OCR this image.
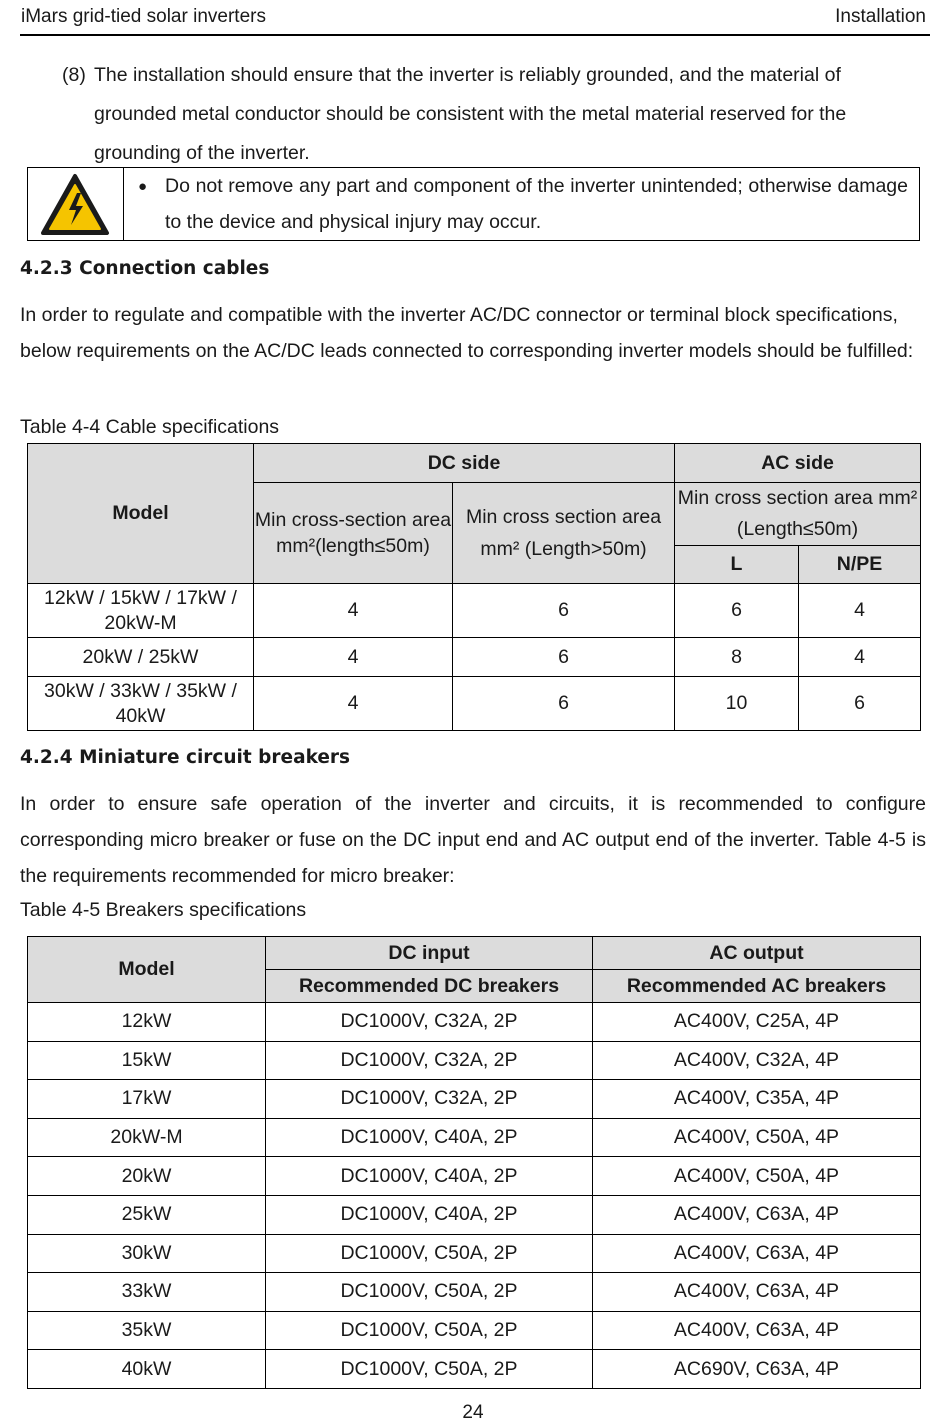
iMars grid-tied solar inverters	Installation
(8) The installation should ensure that the inverter is reliably grounded, and the material of grounded metal conductor should be consistent with the metal material reserved for the grounding of the inverter.
● Do not remove any part and component of the inverter unintended; otherwise damage to the device and physical injury may occur.
4.2.3 Connection cables
In order to regulate and compatible with the inverter AC/DC connector or terminal block specifications, below requirements on the AC/DC leads connected to corresponding inverter models should be fulfilled:
Table 4-4 Cable specifications
Model	DC side		AC side	
	Min cross-section area mm²(length≤50m)	Min cross section area mm² (Length>50m)	Min cross section area mm² (Length≤50m)	
			L	N/PE
12kW / 15kW / 17kW / 20kW-M	4	6	6	4
20kW / 25kW	4	6	8	4
30kW / 33kW / 35kW / 40kW	4	6	10	6
4.2.4 Miniature circuit breakers
In order to ensure safe operation of the inverter and circuits, it is recommended to configure corresponding micro breaker or fuse on the DC input end and AC output end of the inverter. Table 4-5 is the requirements recommended for micro breaker:
Table 4-5 Breakers specifications
Model	DC input	AC output
	Recommended DC breakers	Recommended AC breakers
12kW	DC1000V, C32A, 2P	AC400V, C25A, 4P
15kW	DC1000V, C32A, 2P	AC400V, C32A, 4P
17kW	DC1000V, C32A, 2P	AC400V, C35A, 4P
20kW-M	DC1000V, C40A, 2P	AC400V, C50A, 4P
20kW	DC1000V, C40A, 2P	AC400V, C50A, 4P
25kW	DC1000V, C40A, 2P	AC400V, C63A, 4P
30kW	DC1000V, C50A, 2P	AC400V, C63A, 4P
33kW	DC1000V, C50A, 2P	AC400V, C63A, 4P
35kW	DC1000V, C50A, 2P	AC400V, C63A, 4P
40kW	DC1000V, C50A, 2P	AC690V, C63A, 4P
24
